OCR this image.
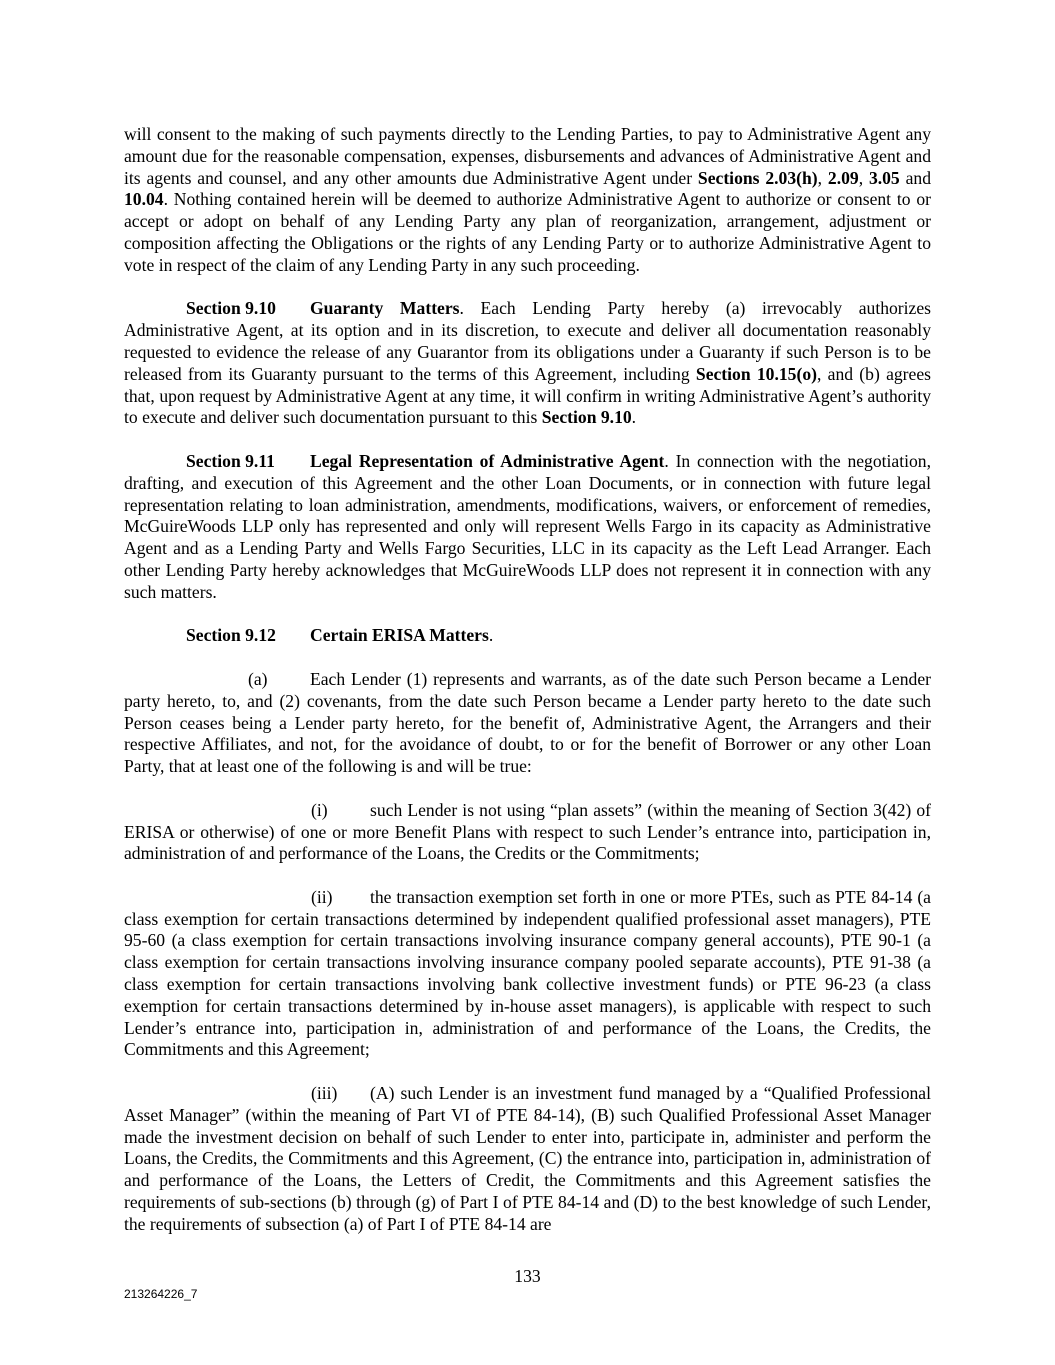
will consent to the making of such payments directly to the Lending Parties, to pay to Administrative Agent any amount due for the reasonable compensation, expenses, disbursements and advances of Administrative Agent and its agents and counsel, and any other amounts due Administrative Agent under Sections 2.03(h), 2.09, 3.05 and 10.04. Nothing contained herein will be deemed to authorize Administrative Agent to authorize or consent to or accept or adopt on behalf of any Lending Party any plan of reorganization, arrangement, adjustment or composition affecting the Obligations or the rights of any Lending Party or to authorize Administrative Agent to vote in respect of the claim of any Lending Party in any such proceeding.

Section 9.10 Guaranty Matters. Each Lending Party hereby (a) irrevocably authorizes Administrative Agent, at its option and in its discretion, to execute and deliver all documentation reasonably requested to evidence the release of any Guarantor from its obligations under a Guaranty if such Person is to be released from its Guaranty pursuant to the terms of this Agreement, including Section 10.15(o), and (b) agrees that, upon request by Administrative Agent at any time, it will confirm in writing Administrative Agent’s authority to execute and deliver such documentation pursuant to this Section 9.10.

Section 9.11 Legal Representation of Administrative Agent. In connection with the negotiation, drafting, and execution of this Agreement and the other Loan Documents, or in connection with future legal representation relating to loan administration, amendments, modifications, waivers, or enforcement of remedies, McGuireWoods LLP only has represented and only will represent Wells Fargo in its capacity as Administrative Agent and as a Lending Party and Wells Fargo Securities, LLC in its capacity as the Left Lead Arranger. Each other Lending Party hereby acknowledges that McGuireWoods LLP does not represent it in connection with any such matters.

Section 9.12 Certain ERISA Matters.

(a) Each Lender (1) represents and warrants, as of the date such Person became a Lender party hereto, to, and (2) covenants, from the date such Person became a Lender party hereto to the date such Person ceases being a Lender party hereto, for the benefit of, Administrative Agent, the Arrangers and their respective Affiliates, and not, for the avoidance of doubt, to or for the benefit of Borrower or any other Loan Party, that at least one of the following is and will be true:

(i) such Lender is not using “plan assets” (within the meaning of Section 3(42) of ERISA or otherwise) of one or more Benefit Plans with respect to such Lender’s entrance into, participation in, administration of and performance of the Loans, the Credits or the Commitments;

(ii) the transaction exemption set forth in one or more PTEs, such as PTE 84-14 (a class exemption for certain transactions determined by independent qualified professional asset managers), PTE 95-60 (a class exemption for certain transactions involving insurance company general accounts), PTE 90-1 (a class exemption for certain transactions involving insurance company pooled separate accounts), PTE 91-38 (a class exemption for certain transactions involving bank collective investment funds) or PTE 96-23 (a class exemption for certain transactions determined by in-house asset managers), is applicable with respect to such Lender’s entrance into, participation in, administration of and performance of the Loans, the Credits, the Commitments and this Agreement;

(iii) (A) such Lender is an investment fund managed by a “Qualified Professional Asset Manager” (within the meaning of Part VI of PTE 84-14), (B) such Qualified Professional Asset Manager made the investment decision on behalf of such Lender to enter into, participate in, administer and perform the Loans, the Credits, the Commitments and this Agreement, (C) the entrance into, participation in, administration of and performance of the Loans, the Letters of Credit, the Commitments and this Agreement satisfies the requirements of sub-sections (b) through (g) of Part I of PTE 84-14 and (D) to the best knowledge of such Lender, the requirements of subsection (a) of Part I of PTE 84-14 are

133
213264226_7
